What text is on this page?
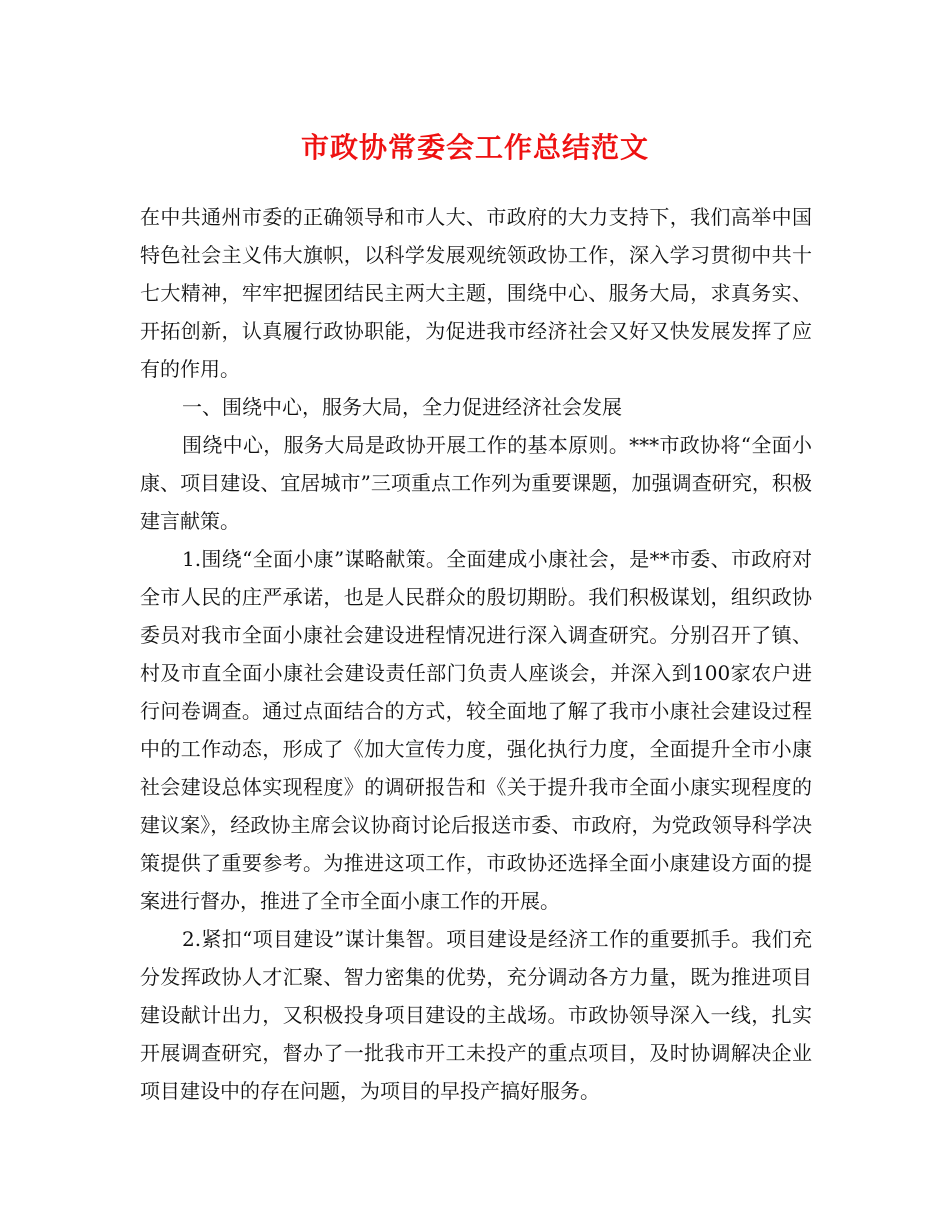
市政协常委会工作总结范文

在中共通州市委的正确领导和市人大、市政府的大力支持下，我们高举中国特色社会主义伟大旗帜，以科学发展观统领政协工作，深入学习贯彻中共十七大精神，牢牢把握团结民主两大主题，围绕中心、服务大局，求真务实、开拓创新，认真履行政协职能，为促进我市经济社会又好又快发展发挥了应有的作用。

一、围绕中心，服务大局，全力促进经济社会发展

围绕中心，服务大局是政协开展工作的基本原则。***市政协将“全面小康、项目建设、宜居城市”三项重点工作列为重要课题，加强调查研究，积极建言献策。

1.围绕“全面小康”谋略献策。全面建成小康社会，是**市委、市政府对全市人民的庄严承诺，也是人民群众的殷切期盼。我们积极谋划，组织政协委员对我市全面小康社会建设进程情况进行深入调查研究。分别召开了镇、村及市直全面小康社会建设责任部门负责人座谈会，并深入到100家农户进行问卷调查。通过点面结合的方式，较全面地了解了我市小康社会建设过程中的工作动态，形成了《加大宣传力度，强化执行力度，全面提升全市小康社会建设总体实现程度》的调研报告和《关于提升我市全面小康实现程度的建议案》，经政协主席会议协商讨论后报送市委、市政府，为党政领导科学决策提供了重要参考。为推进这项工作，市政协还选择全面小康建设方面的提案进行督办，推进了全市全面小康工作的开展。

2.紧扣“项目建设”谋计集智。项目建设是经济工作的重要抓手。我们充分发挥政协人才汇聚、智力密集的优势，充分调动各方力量，既为推进项目建设献计出力，又积极投身项目建设的主战场。市政协领导深入一线，扎实开展调查研究，督办了一批我市开工未投产的重点项目，及时协调解决企业项目建设中的存在问题，为项目的早投产搞好服务。
